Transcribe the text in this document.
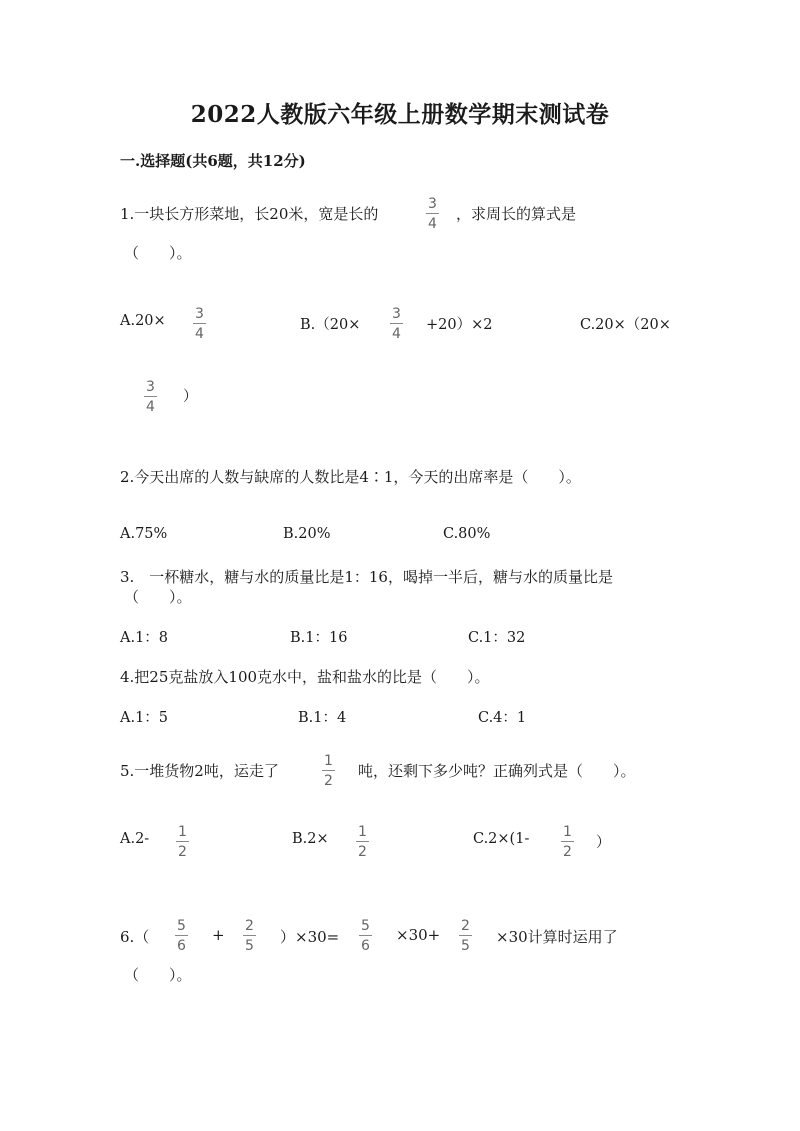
2022人教版六年级上册数学期末测试卷
一.选择题(共6题，共12分)
1.一块长方形菜地，长20米，宽是长的
3
4
，求周长的算式是
（　　）。
A.20× 3
4
B.（20×
3
4
+20）×2	C.20×（20×
3
4
）
2.今天出席的人数与缺席的人数比是4∶1，今天的出席率是（　　）。
A.75%	B.20%	C.80%
3.　一杯糖水，糖与水的质量比是1：16，喝掉一半后，糖与水的质量比是
（　　）。
A.1：8	B.1：16	C.1：32
4.把25克盐放入100克水中，盐和盐水的比是（　　）。
A.1：5	B.1：4	C.4：1
5.一堆货物2吨，运走了
1
2
吨，还剩下多少吨？正确列式是（　　）。
A.2- 1
2
B.2× 1
2
C.2×(1- 1
2
）
6.（
5
6
+ 2
5 ）×30=
5
6
×30+ 2
5 ×30计算时运用了
（　　）。
